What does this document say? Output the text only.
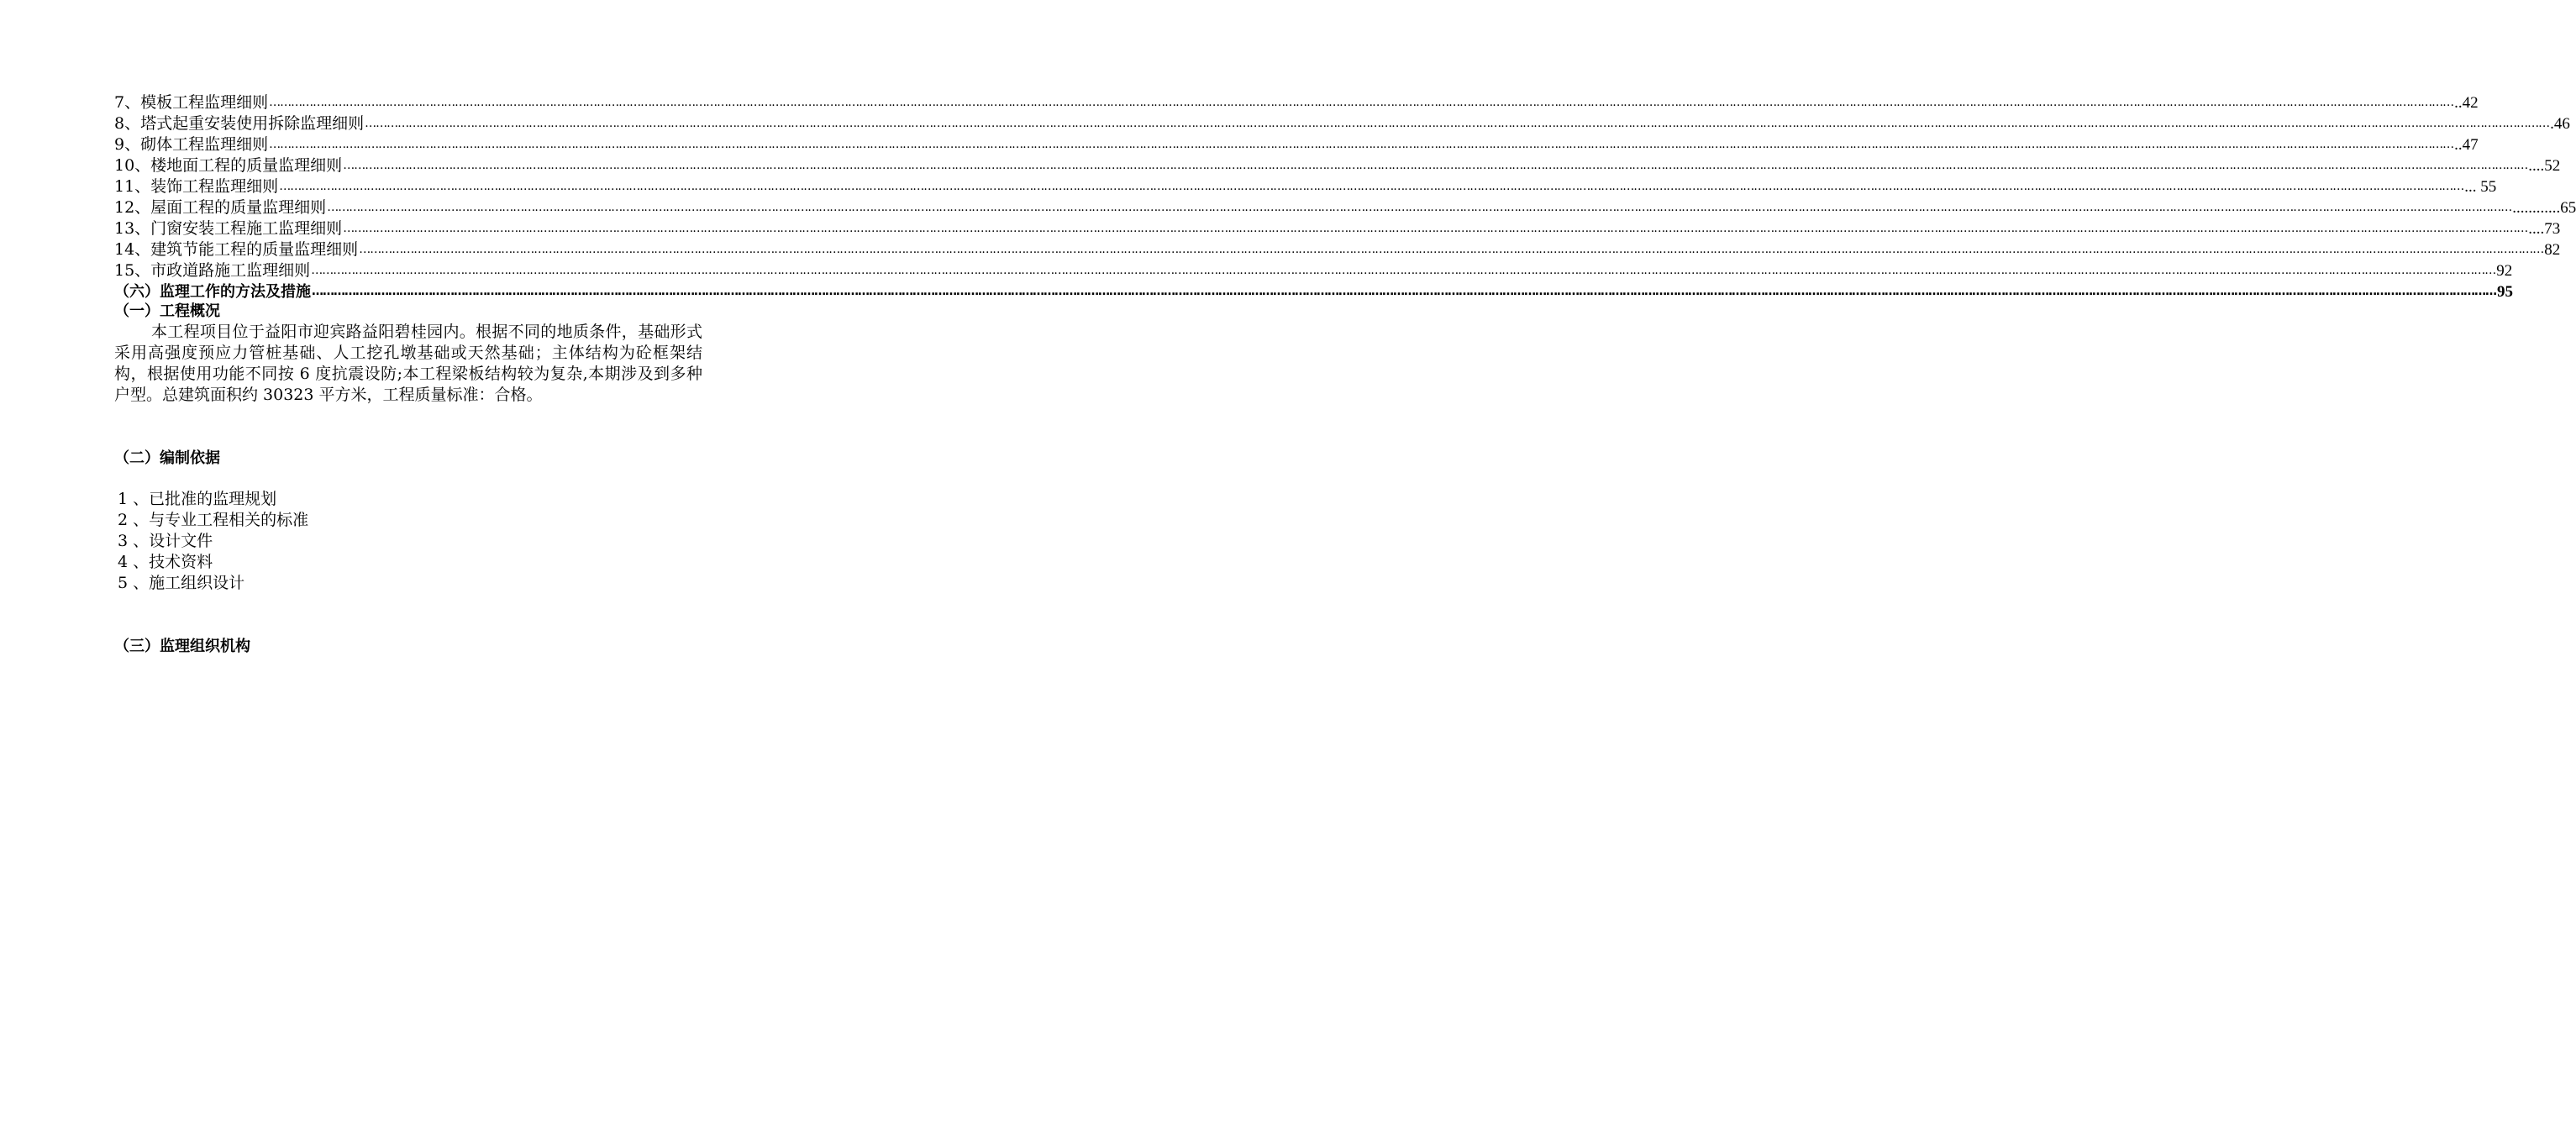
7、模板工程监理细则 …………………………………………………………………………………………………………………………………………………………………………………………………………………………………………………………………………………………………………………………………………………………………………………………………………………………………………………………………………………………………………………………………………………… ..42
8、塔式起重安装使用拆除监理细则 …………………………………………………………………………………………………………………………………………………………………………………………………………………………………………………………………………………………………………………………………………………………………………………………………………………………………………………………………………………………………………………………………………………… .46
9、砌体工程监理细则 …………………………………………………………………………………………………………………………………………………………………………………………………………………………………………………………………………………………………………………………………………………………………………………………………………………………………………………………………………………………………………………………………………………… ..47
10、楼地面工程的质量监理细则 …………………………………………………………………………………………………………………………………………………………………………………………………………………………………………………………………………………………………………………………………………………………………………………………………………………………………………………………………………………………………………………………………………………… ....52
11、装饰工程监理细则 …………………………………………………………………………………………………………………………………………………………………………………………………………………………………………………………………………………………………………………………………………………………………………………………………………………………………………………………………………………………………………………………………………………… ... 55
12、屋面工程的质量监理细则 …………………………………………………………………………………………………………………………………………………………………………………………………………………………………………………………………………………………………………………………………………………………………………………………………………………………………………………………………………………………………………………………………………………… ............65
13、门窗安装工程施工监理细则 …………………………………………………………………………………………………………………………………………………………………………………………………………………………………………………………………………………………………………………………………………………………………………………………………………………………………………………………………………………………………………………………………………………… ....73
14、建筑节能工程的质量监理细则 …………………………………………………………………………………………………………………………………………………………………………………………………………………………………………………………………………………………………………………………………………………………………………………………………………………………………………………………………………………………………………………………………………………… 82
15、市政道路施工监理细则 …………………………………………………………………………………………………………………………………………………………………………………………………………………………………………………………………………………………………………………………………………………………………………………………………………………………………………………………………………………………………………………………………………………… 92
（六）监理工作的方法及措施 …………………………………………………………………………………………………………………………………………………………………………………………………………………………………………………………………………………………………………………………………………………………………………………………………………………………………………………………………………………………………………………………………………………… 95
（一）工程概况
本工程项目位于益阳市迎宾路益阳碧桂园内。根据不同的地质条件，基础形式采用高强度预应力管桩基础、人工挖孔墩基础或天然基础；主体结构为砼框架结构，根据使用功能不同按 6 度抗震设防;本工程梁板结构较为复杂,本期涉及到多种户型。总建筑面积约 30323 平方米，工程质量标准：合格。
（二）编制依据
1 、已批准的监理规划
2 、与专业工程相关的标准
3 、设计文件
4 、技术资料
5 、施工组织设计
（三）监理组织机构
